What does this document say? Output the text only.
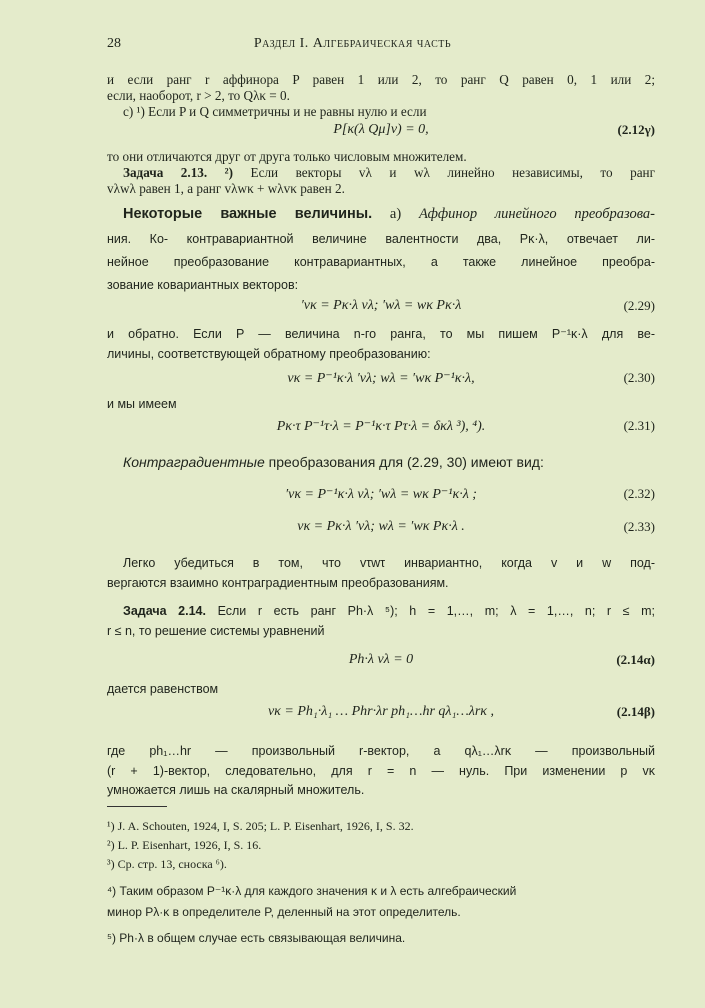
28	Раздел I. Алгебраическая часть
и если ранг r аффинора P равен 1 или 2, то ранг Q равен 0, 1 или 2;
если, наоборот, r > 2, то Qλκ = 0.
c) ¹) Если P и Q симметричны и не равны нулю и если
P[κ(λ Qμ]ν) = 0,	(2.12γ)
то они отличаются друг от друга только числовым множителем.
Задача 2.13. ²) Если векторы vλ и wλ линейно независимы, то ранг
vλwλ равен 1, а ранг vλwκ + wλvκ равен 2.
Некоторые важные величины. а) Аффинор линейного преобразова-
ния. Ко- контравариантной величине валентности два, Pκ·λ, отвечает ли-
нейное преобразование контравариантных, а также линейное преобра-
зование ковариантных векторов:
′vκ = Pκ·λ vλ; ′wλ = wκ Pκ·λ	(2.29)
и обратно. Если P — величина n-го ранга, то мы пишем P⁻¹κ·λ для ве-
личины, соответствующей обратному преобразованию:
vκ = P⁻¹κ·λ ′vλ; wλ = ′wκ P⁻¹κ·λ,	(2.30)
и мы имеем
Pκ·τ P⁻¹τ·λ = P⁻¹κ·τ Pτ·λ = δκλ ³), ⁴).	(2.31)
Контраградиентные преобразования для (2.29, 30) имеют вид:
′vκ = P⁻¹κ·λ vλ; ′wλ = wκ P⁻¹κ·λ ;	(2.32)
vκ = Pκ·λ ′vλ; wλ = ′wκ Pκ·λ .	(2.33)
Легко убедиться в том, что vτwτ инвариантно, когда v и w под-
вергаются взаимно контраградиентным преобразованиям.
Задача 2.14. Если r есть ранг Ph·λ ⁵); h = 1,…, m; λ = 1,…, n; r ≤ m;
r ≤ n, то решение системы уравнений
Ph·λ vλ = 0	(2.14α)
дается равенством
vκ = Ph₁·λ₁ … Phr·λr ph₁…hr qλ₁…λrκ ,	(2.14β)
где ph₁…hr — произвольный r-вектор, а qλ₁…λrκ — произвольный
(r + 1)-вектор, следовательно, для r = n — нуль. При изменении p vκ
умножается лишь на скалярный множитель.
¹) J. A. Schouten, 1924, I, S. 205; L. P. Eisenhart, 1926, I, S. 32.
²) L. P. Eisenhart, 1926, I, S. 16.
³) Ср. стр. 13, сноска ⁶).
⁴) Таким образом P⁻¹κ·λ для каждого значения κ и λ есть алгебраический
минор Pλ·κ в определителе P, деленный на этот определитель.
⁵) Ph·λ в общем случае есть связывающая величина.
